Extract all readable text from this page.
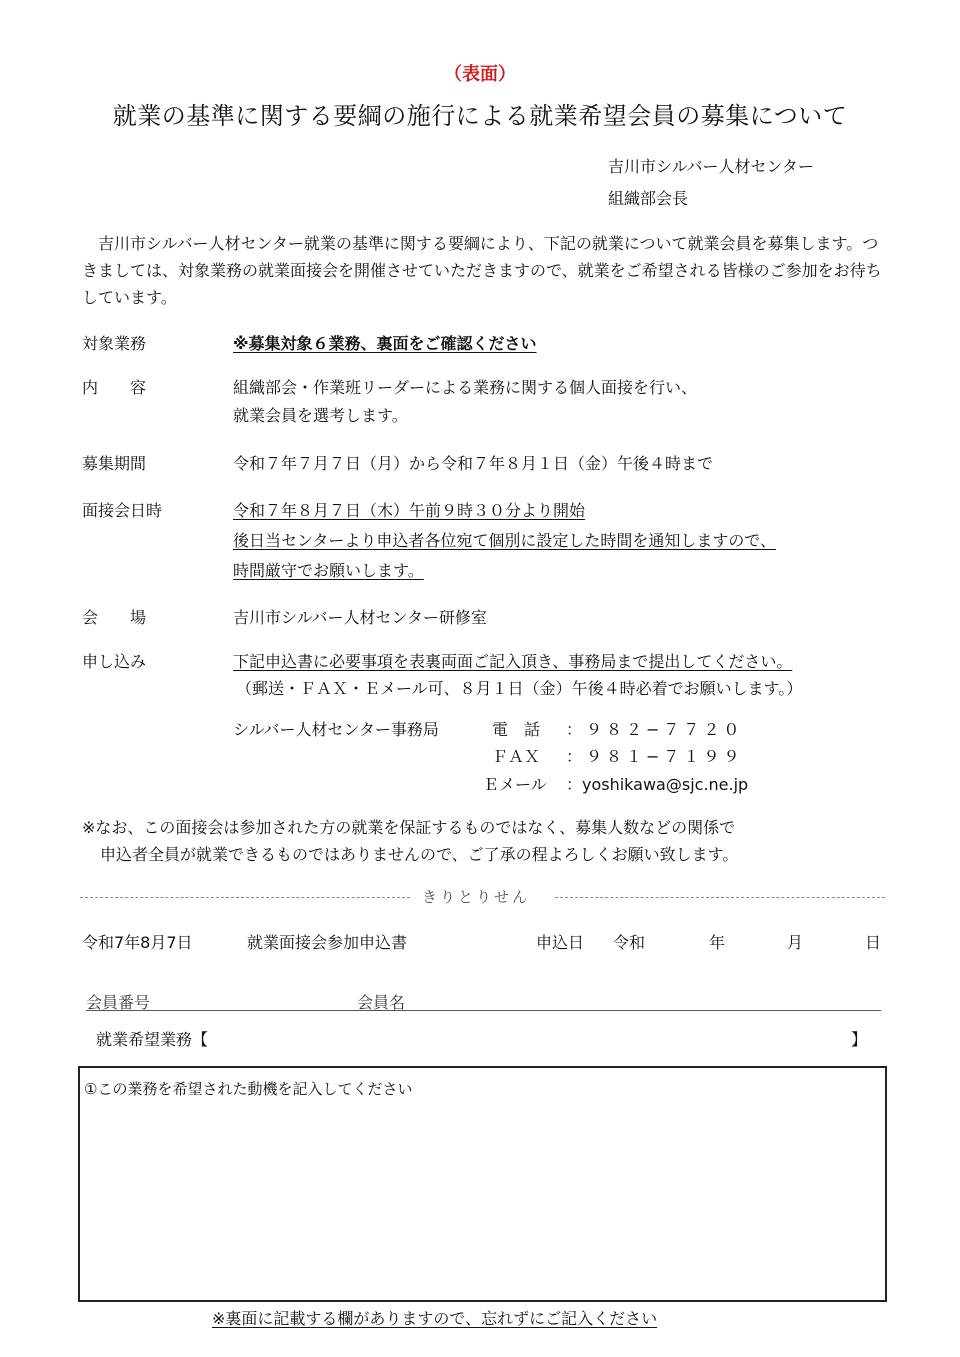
（表面）
就業の基準に関する要綱の施行による就業希望会員の募集について
吉川市シルバー人材センター
組織部会長
　吉川市シルバー人材センター就業の基準に関する要綱により、下記の就業について就業会員を募集します。つきましては、対象業務の就業面接会を開催させていただきますので、就業をご希望される皆様のご参加をお待ちしています。
対象業務	※募集対象６業務、裏面をご確認ください
内　　容	組織部会・作業班リーダーによる業務に関する個人面接を行い、
就業会員を選考します。
募集期間	令和７年７月７日（月）から令和７年８月１日（金）午後４時まで
面接会日時	令和７年８月７日（木）午前９時３０分より開始
後日当センターより申込者各位宛て個別に設定した時間を通知しますので、
時間厳守でお願いします。
会　　場	吉川市シルバー人材センター研修室
申し込み	下記申込書に必要事項を表裏両面ご記入頂き、事務局まで提出してください。
（郵送・ＦＡＸ・Ｅメール可、８月１日（金）午後４時必着でお願いします。）
シルバー人材センター事務局	電　話 ：９８２−７７２０
ＦＡＸ ：９８１−７１９９
Ｅメール ：yoshikawa@sjc.ne.jp
※なお、この面接会は参加された方の就業を保証するものではなく、募集人数などの関係で
申込者全員が就業できるものではありませんので、ご了承の程よろしくお願い致します。
きりとりせん
令和7年8月7日	就業面接会参加申込書	申込日 令和	年	月	日
会員番号	会員名
就業希望業務【	】
①この業務を希望された動機を記入してください
※裏面に記載する欄がありますので、忘れずにご記入ください
